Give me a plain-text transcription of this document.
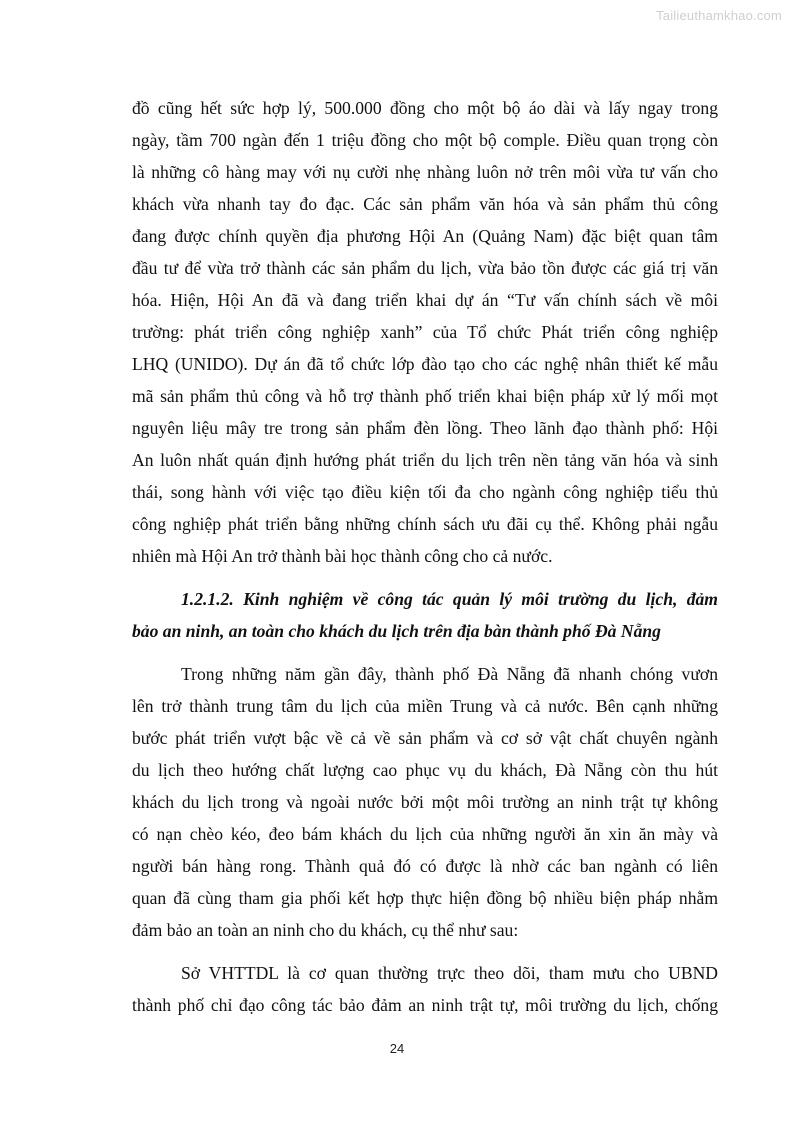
Tailieuthamkhao.com
đồ cũng hết sức hợp lý, 500.000 đồng cho một bộ áo dài và lấy ngay trong
ngày, tầm 700 ngàn đến 1 triệu đồng cho một bộ comple. Điều quan trọng còn
là những cô hàng may với nụ cười nhẹ nhàng luôn nở trên môi vừa tư vấn cho
khách vừa nhanh tay đo đạc. Các sản phẩm văn hóa và sản phẩm thủ công
đang được chính quyền địa phương Hội An (Quảng Nam) đặc biệt quan tâm
đầu tư để vừa trở thành các sản phẩm du lịch, vừa bảo tồn được các giá trị văn
hóa. Hiện, Hội An đã và đang triển khai dự án “Tư vấn chính sách về môi
trường: phát triển công nghiệp xanh” của Tổ chức Phát triển công nghiệp
LHQ (UNIDO). Dự án đã tổ chức lớp đào tạo cho các nghệ nhân thiết kế mẫu
mã sản phẩm thủ công và hỗ trợ thành phố triển khai biện pháp xử lý mối mọt
nguyên liệu mây tre trong sản phẩm đèn lồng. Theo lãnh đạo thành phố: Hội
An luôn nhất quán định hướng phát triển du lịch trên nền tảng văn hóa và sinh
thái, song hành với việc tạo điều kiện tối đa cho ngành công nghiệp tiểu thủ
công nghiệp phát triển bằng những chính sách ưu đãi cụ thể. Không phải ngẫu
nhiên mà Hội An trở thành bài học thành công cho cả nước.
1.2.1.2. Kinh nghiệm về công tác quản lý môi trường du lịch, đảm
bảo an ninh, an toàn cho khách du lịch trên địa bàn thành phố Đà Nẵng
Trong những năm gần đây, thành phố Đà Nẵng đã nhanh chóng vươn
lên trở thành trung tâm du lịch của miền Trung và cả nước. Bên cạnh những
bước phát triển vượt bậc về cả về sản phẩm và cơ sở vật chất chuyên ngành
du lịch theo hướng chất lượng cao phục vụ du khách, Đà Nẵng còn thu hút
khách du lịch trong và ngoài nước bởi một môi trường an ninh trật tự không
có nạn chèo kéo, đeo bám khách du lịch của những người ăn xin ăn mày và
người bán hàng rong. Thành quả đó có được là nhờ các ban ngành có liên
quan đã cùng tham gia phối kết hợp thực hiện đồng bộ nhiều biện pháp nhằm
đảm bảo an toàn an ninh cho du khách, cụ thể như sau:
Sở VHTTDL là cơ quan thường trực theo dõi, tham mưu cho UBND
thành phố chỉ đạo công tác bảo đảm an ninh trật tự, môi trường du lịch, chống
24
